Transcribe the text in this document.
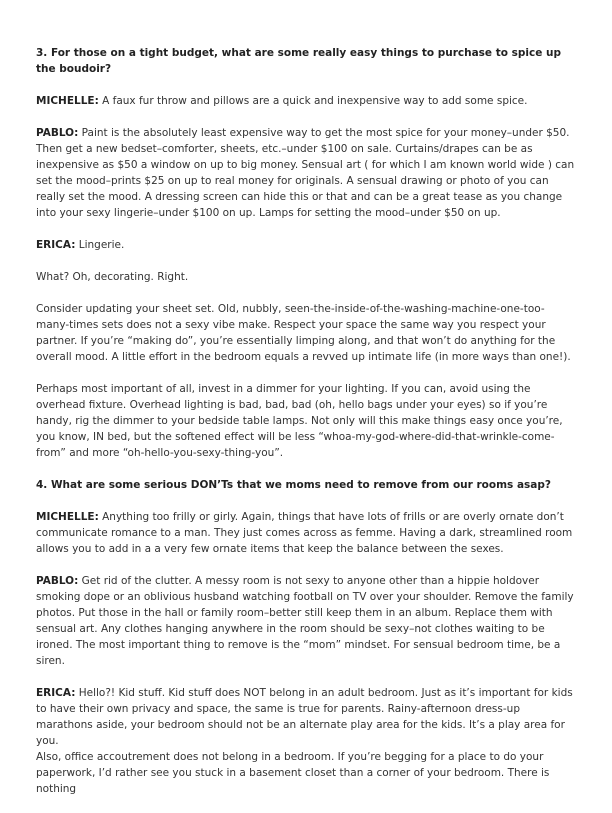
3. For those on a tight budget, what are some really easy things to purchase to spice up the boudoir?

MICHELLE: A faux fur throw and pillows are a quick and inexpensive way to add some spice.

PABLO: Paint is the absolutely least expensive way to get the most spice for your money–under $50. Then get a new bedset–comforter, sheets, etc.–under $100 on sale. Curtains/drapes can be as inexpensive as $50 a window on up to big money. Sensual art ( for which I am known world wide ) can set the mood–prints $25 on up to real money for originals. A sensual drawing or photo of you can really set the mood. A dressing screen can hide this or that and can be a great tease as you change into your sexy lingerie–under $100 on up. Lamps for setting the mood–under $50 on up.

ERICA: Lingerie.

What? Oh, decorating. Right.

Consider updating your sheet set. Old, nubbly, seen-the-inside-of-the-washing-machine-one-too-many-times sets does not a sexy vibe make. Respect your space the same way you respect your partner. If you’re “making do”, you’re essentially limping along, and that won’t do anything for the overall mood. A little effort in the bedroom equals a revved up intimate life (in more ways than one!).

Perhaps most important of all, invest in a dimmer for your lighting. If you can, avoid using the overhead fixture. Overhead lighting is bad, bad, bad (oh, hello bags under your eyes) so if you’re handy, rig the dimmer to your bedside table lamps. Not only will this make things easy once you’re, you know, IN bed, but the softened effect will be less “whoa-my-god-where-did-that-wrinkle-come-from” and more “oh-hello-you-sexy-thing-you”.

4. What are some serious DON’Ts that we moms need to remove from our rooms asap?

MICHELLE: Anything too frilly or girly. Again, things that have lots of frills or are overly ornate don’t communicate romance to a man. They just comes across as femme. Having a dark, streamlined room allows you to add in a a very few ornate items that keep the balance between the sexes.

PABLO: Get rid of the clutter. A messy room is not sexy to anyone other than a hippie holdover smoking dope or an oblivious husband watching football on TV over your shoulder. Remove the family photos. Put those in the hall or family room–better still keep them in an album. Replace them with sensual art. Any clothes hanging anywhere in the room should be sexy–not clothes waiting to be ironed. The most important thing to remove is the “mom” mindset. For sensual bedroom time, be a siren.

ERICA: Hello?! Kid stuff. Kid stuff does NOT belong in an adult bedroom. Just as it’s important for kids to have their own privacy and space, the same is true for parents. Rainy-afternoon dress-up marathons aside, your bedroom should not be an alternate play area for the kids. It’s a play area for you.

Also, office accoutrement does not belong in a bedroom. If you’re begging for a place to do your paperwork, I’d rather see you stuck in a basement closet than a corner of your bedroom. There is nothing
